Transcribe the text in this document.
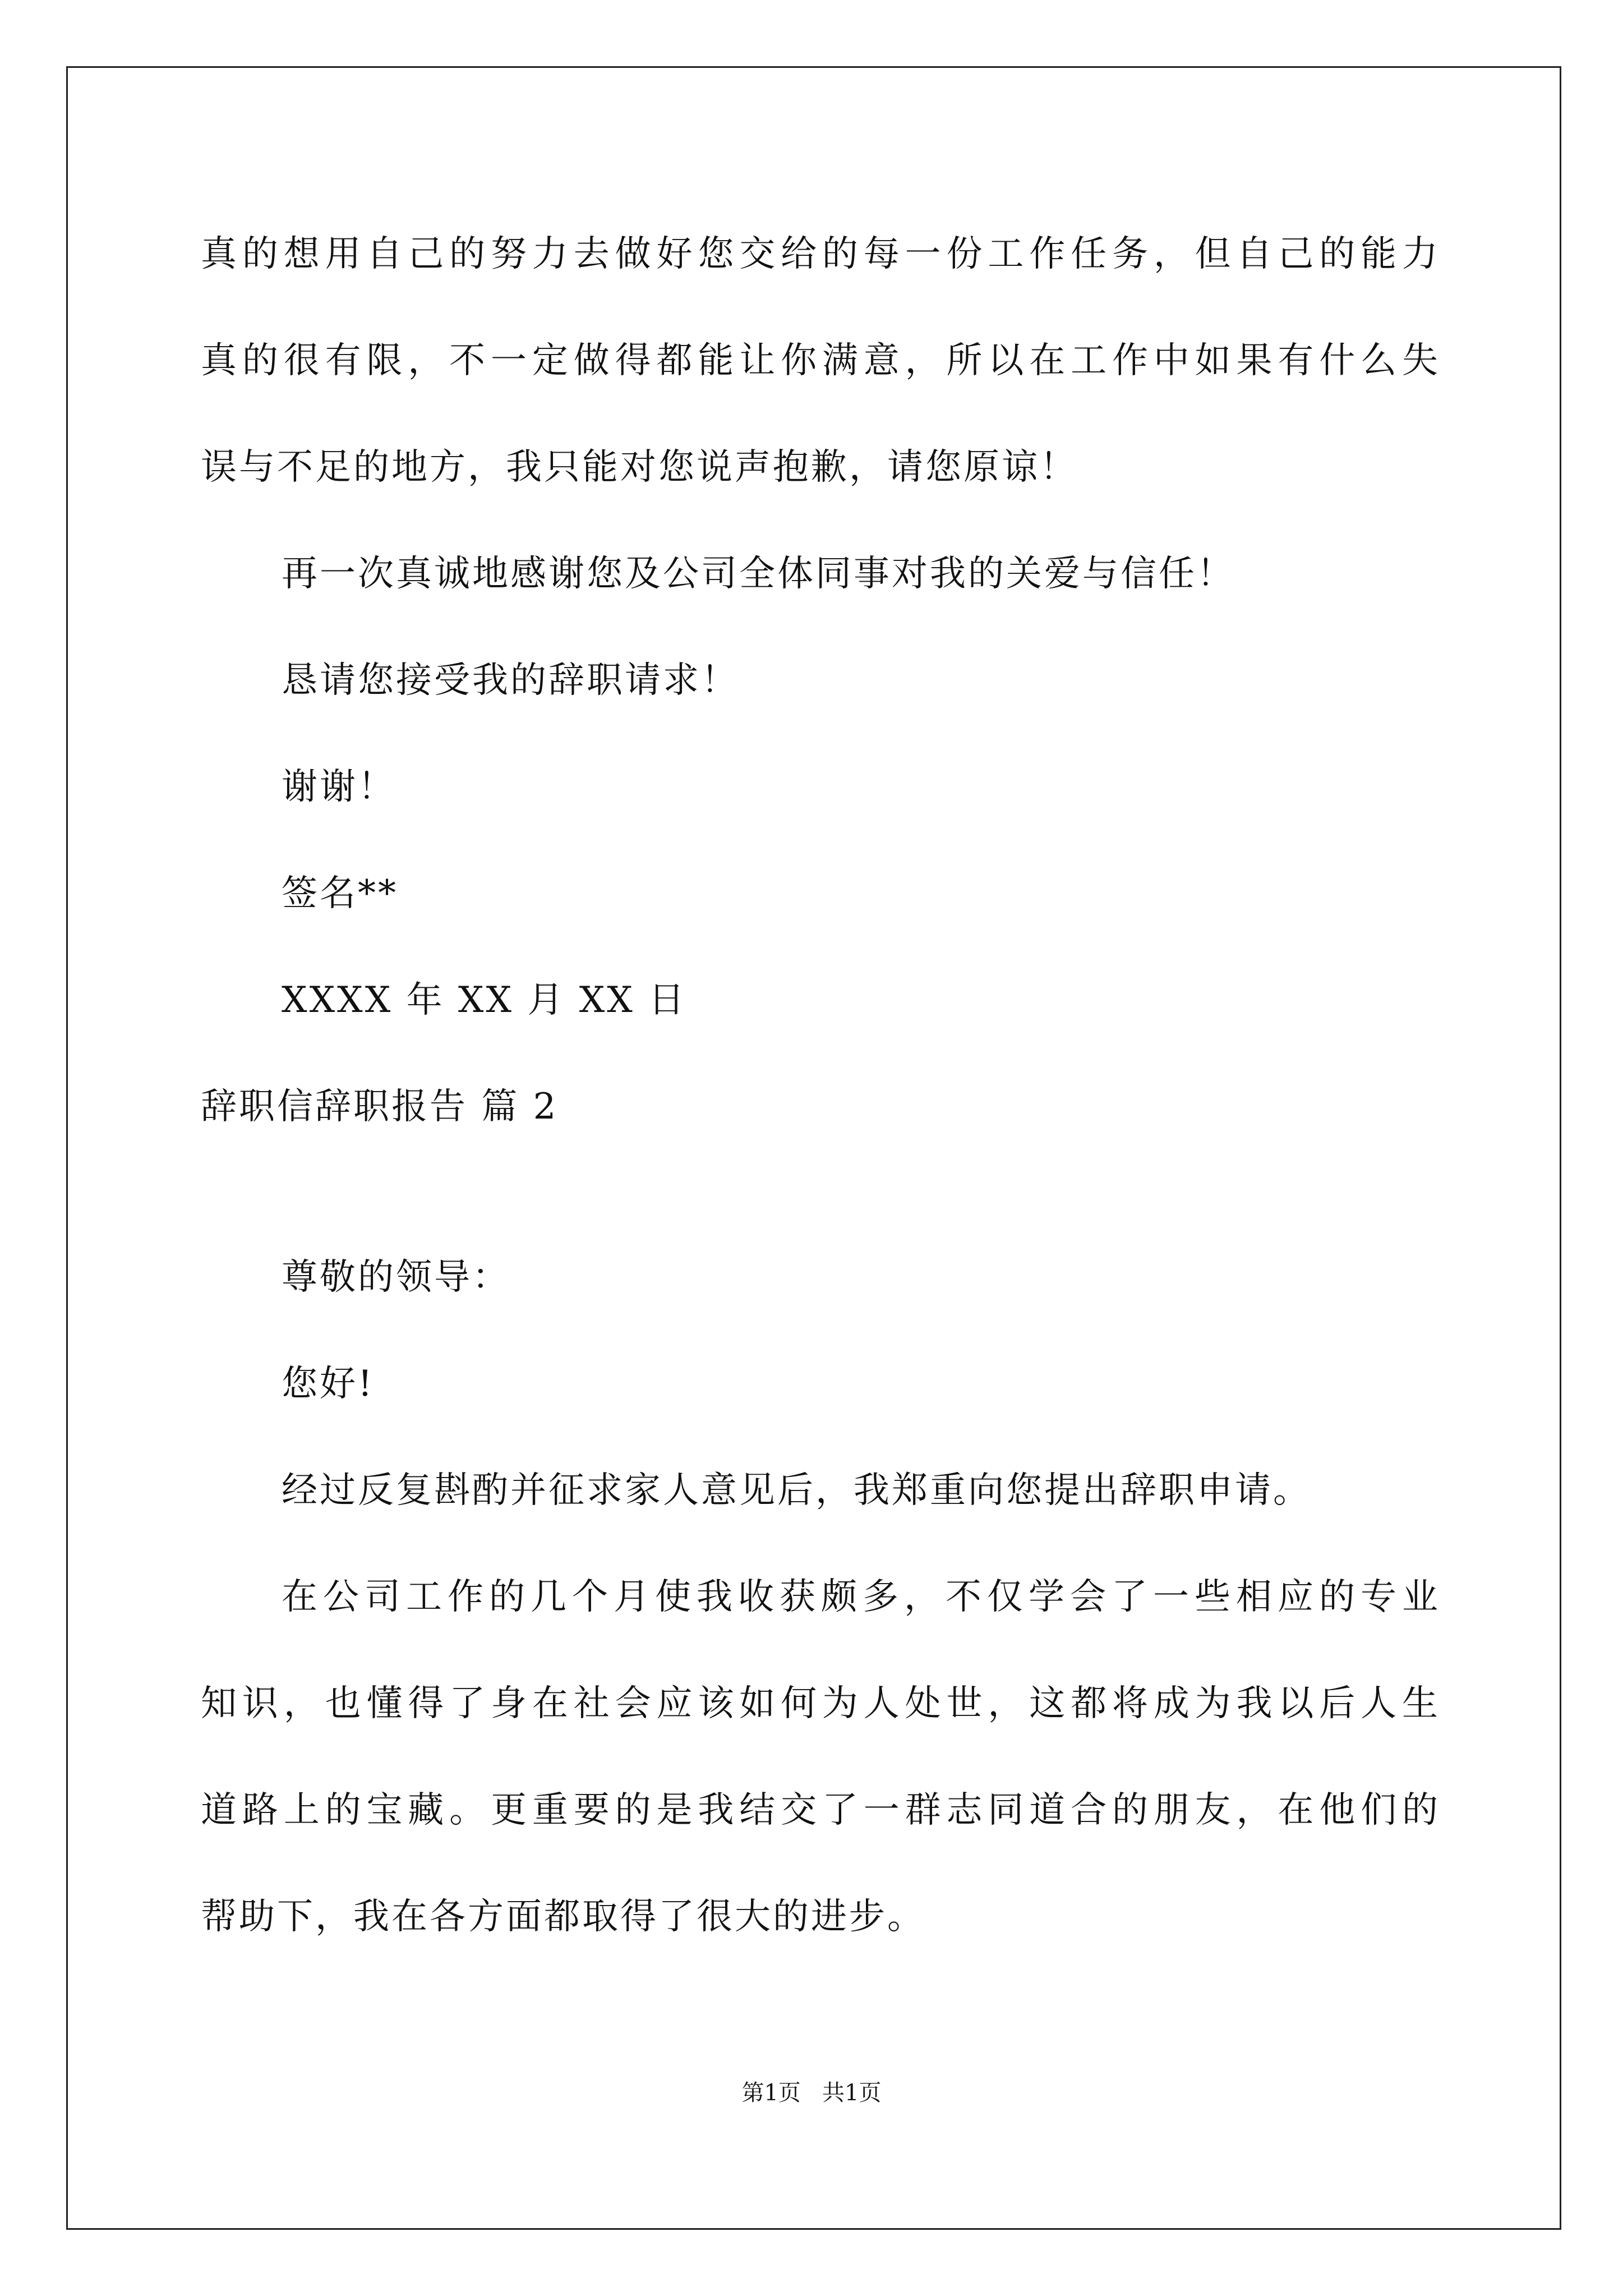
真的想用自己的努力去做好您交给的每一份工作任务，但自己的能力
真的很有限，不一定做得都能让你满意，所以在工作中如果有什么失
误与不足的地方，我只能对您说声抱歉，请您原谅！
再一次真诚地感谢您及公司全体同事对我的关爱与信任！
恳请您接受我的辞职请求！
谢谢！
签名**
XXXX 年 XX 月 XX 日
辞职信辞职报告 篇 2
尊敬的领导：
您好!
经过反复斟酌并征求家人意见后，我郑重向您提出辞职申请。
在公司工作的几个月使我收获颇多，不仅学会了一些相应的专业
知识，也懂得了身在社会应该如何为人处世，这都将成为我以后人生
道路上的宝藏。更重要的是我结交了一群志同道合的朋友，在他们的
帮助下，我在各方面都取得了很大的进步。
第1页   共1页
